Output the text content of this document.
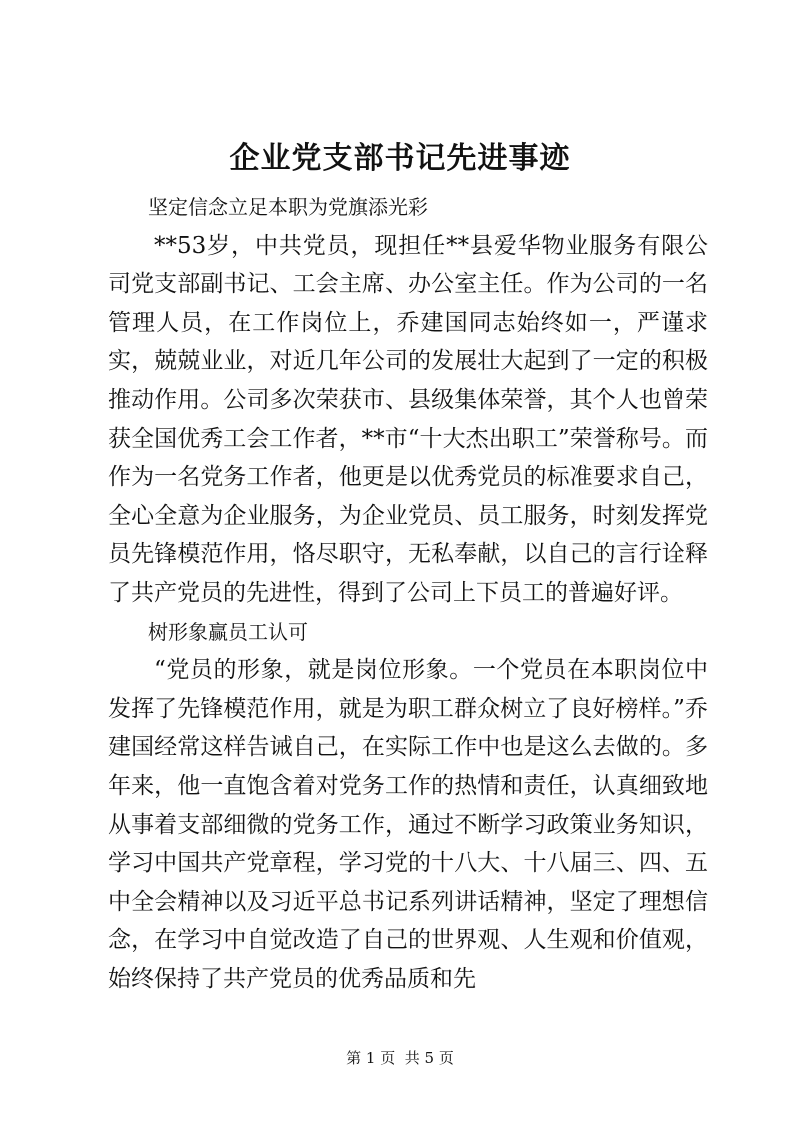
企业党支部书记先进事迹

坚定信念立足本职为党旗添光彩

**53岁，中共党员，现担任**县爱华物业服务有限公司党支部副书记、工会主席、办公室主任。作为公司的一名管理人员，在工作岗位上，乔建国同志始终如一，严谨求实，兢兢业业，对近几年公司的发展壮大起到了一定的积极推动作用。公司多次荣获市、县级集体荣誉，其个人也曾荣获全国优秀工会工作者，**市“十大杰出职工”荣誉称号。而作为一名党务工作者，他更是以优秀党员的标准要求自己，全心全意为企业服务，为企业党员、员工服务，时刻发挥党员先锋模范作用，恪尽职守，无私奉献，以自己的言行诠释了共产党员的先进性，得到了公司上下员工的普遍好评。

树形象赢员工认可

“党员的形象，就是岗位形象。一个党员在本职岗位中发挥了先锋模范作用，就是为职工群众树立了良好榜样。”乔建国经常这样告诫自己，在实际工作中也是这么去做的。多年来，他一直饱含着对党务工作的热情和责任，认真细致地从事着支部细微的党务工作，通过不断学习政策业务知识，学习中国共产党章程，学习党的十八大、十八届三、四、五中全会精神以及习近平总书记系列讲话精神，坚定了理想信念，在学习中自觉改造了自己的世界观、人生观和价值观，始终保持了共产党员的优秀品质和先

第 1 页  共 5 页
